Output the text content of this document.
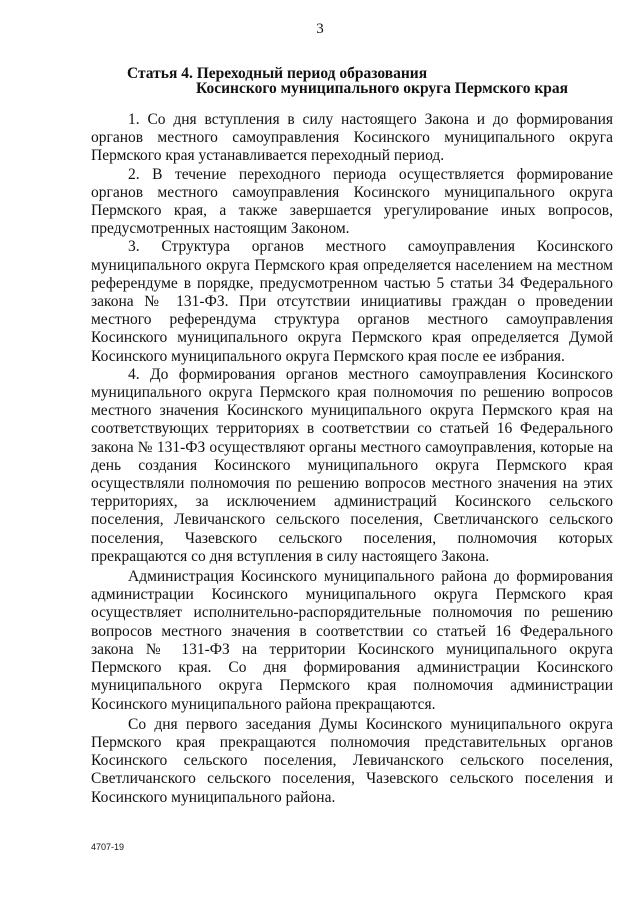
3
Статья 4. Переходный период образования
Косинского муниципального округа Пермского края

1. Со дня вступления в силу настоящего Закона и до формирования органов местного самоуправления Косинского муниципального округа Пермского края устанавливается переходный период.

2. В течение переходного периода осуществляется формирование органов местного самоуправления Косинского муниципального округа Пермского края, а также завершается урегулирование иных вопросов, предусмотренных настоящим Законом.

3. Структура органов местного самоуправления Косинского муниципального округа Пермского края определяется населением на местном референдуме в порядке, предусмотренном частью 5 статьи 34 Федерального закона № 131-ФЗ. При отсутствии инициативы граждан о проведении местного референдума структура органов местного самоуправления Косинского муниципального округа Пермского края определяется Думой Косинского муниципального округа Пермского края после ее избрания.

4. До формирования органов местного самоуправления Косинского муниципального округа Пермского края полномочия по решению вопросов местного значения Косинского муниципального округа Пермского края на соответствующих территориях в соответствии со статьей 16 Федерального закона № 131-ФЗ осуществляют органы местного самоуправления, которые на день создания Косинского муниципального округа Пермского края осуществляли полномочия по решению вопросов местного значения на этих территориях, за исключением администраций Косинского сельского поселения, Левичанского сельского поселения, Светличанского сельского поселения, Чазевского сельского поселения, полномочия которых прекращаются со дня вступления в силу настоящего Закона.

Администрация Косинского муниципального района до формирования администрации Косинского муниципального округа Пермского края осуществляет исполнительно-распорядительные полномочия по решению вопросов местного значения в соответствии со статьей 16 Федерального закона № 131-ФЗ на территории Косинского муниципального округа Пермского края. Со дня формирования администрации Косинского муниципального округа Пермского края полномочия администрации Косинского муниципального района прекращаются.

Со дня первого заседания Думы Косинского муниципального округа Пермского края прекращаются полномочия представительных органов Косинского сельского поселения, Левичанского сельского поселения, Светличанского сельского поселения, Чазевского сельского поселения и Косинского муниципального района.

4707-19
